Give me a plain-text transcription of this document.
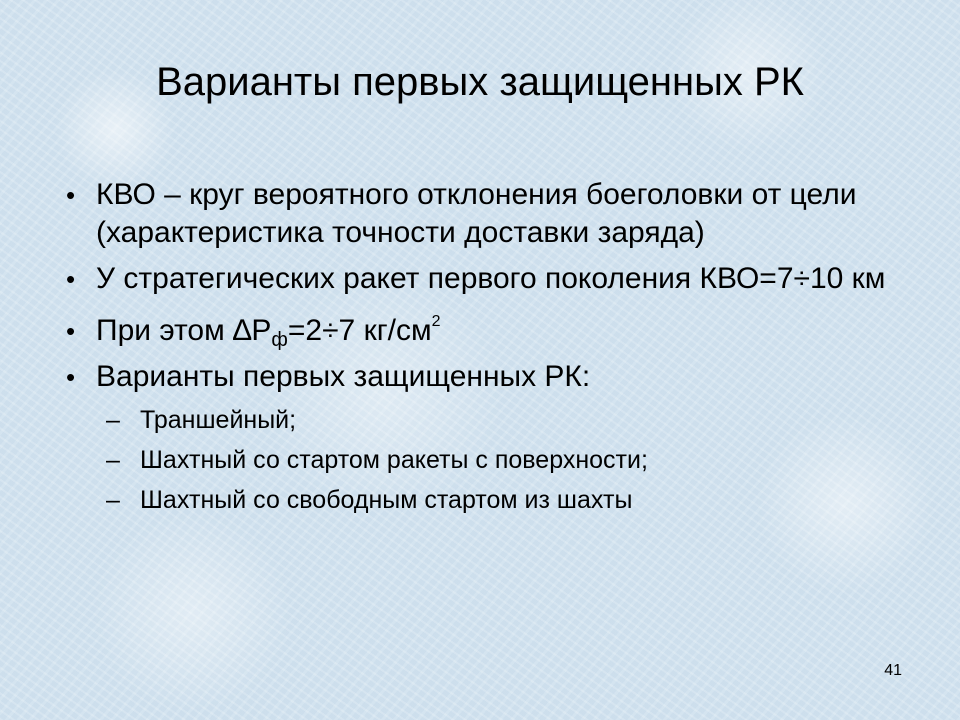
Варианты первых защищенных РК
• КВО – круг вероятного отклонения боеголовки от цели (характеристика точности доставки заряда)
• У стратегических ракет первого поколения КВО=7÷10 км
• При этом $\Delta Р_ф=2\div 7$ $кг/см^2$
• Варианты первых защищенных РК:
– Траншейный;
– Шахтный со стартом ракеты с поверхности;
– Шахтный со свободным стартом из шахты
41
